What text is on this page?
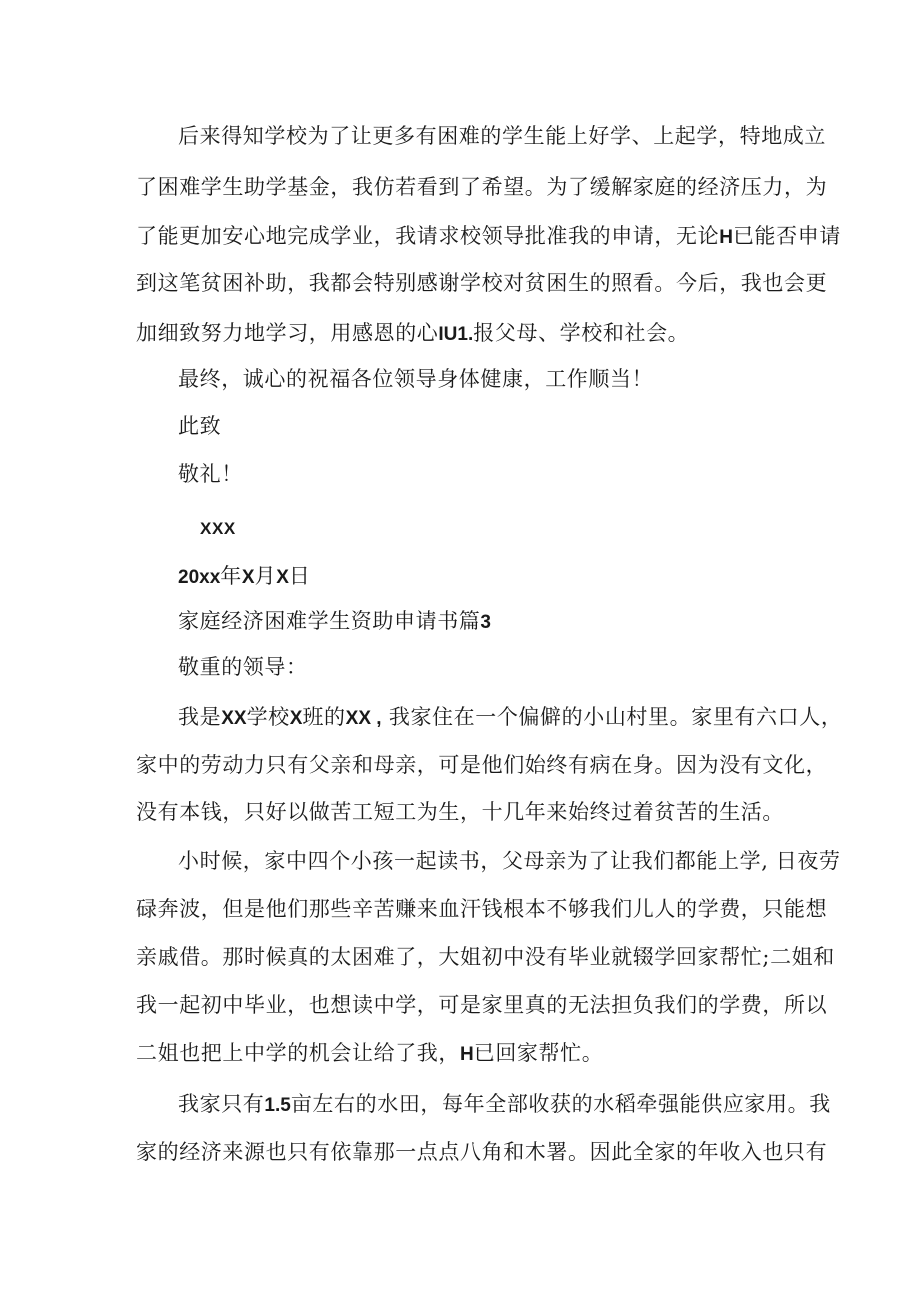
后来得知学校为了让更多有困难的学生能上好学、上起学，特地成立
了困难学生助学基金，我仿若看到了希望。为了缓解家庭的经济压力，为
了能更加安心地完成学业，我请求校领导批准我的申请，无论H已能否申请
到这笔贫困补助，我都会特别感谢学校对贫困生的照看。今后，我也会更
加细致努力地学习，用感恩的心IU1.报父母、学校和社会。
最终，诚心的祝福各位领导身体健康，工作顺当！
此致
敬礼！
XXX
20xx年X月X日
家庭经济困难学生资助申请书篇3
敬重的领导：
我是XX学校X班的XX , 我家住在一个偏僻的小山村里。家里有六口人，
家中的劳动力只有父亲和母亲，可是他们始终有病在身。因为没有文化，
没有本钱，只好以做苦工短工为生，十几年来始终过着贫苦的生活。
小时候，家中四个小孩一起读书，父母亲为了让我们都能上学, 日夜劳
碌奔波，但是他们那些辛苦赚来血汗钱根本不够我们儿人的学费，只能想
亲戚借。那时候真的太困难了，大姐初中没有毕业就辍学回家帮忙;二姐和
我一起初中毕业，也想读中学，可是家里真的无法担负我们的学费，所以
二姐也把上中学的机会让给了我，H已回家帮忙。
我家只有1.5亩左右的水田，每年全部收获的水稻牵强能供应家用。我
家的经济来源也只有依靠那一点点八角和木署。因此全家的年收入也只有
